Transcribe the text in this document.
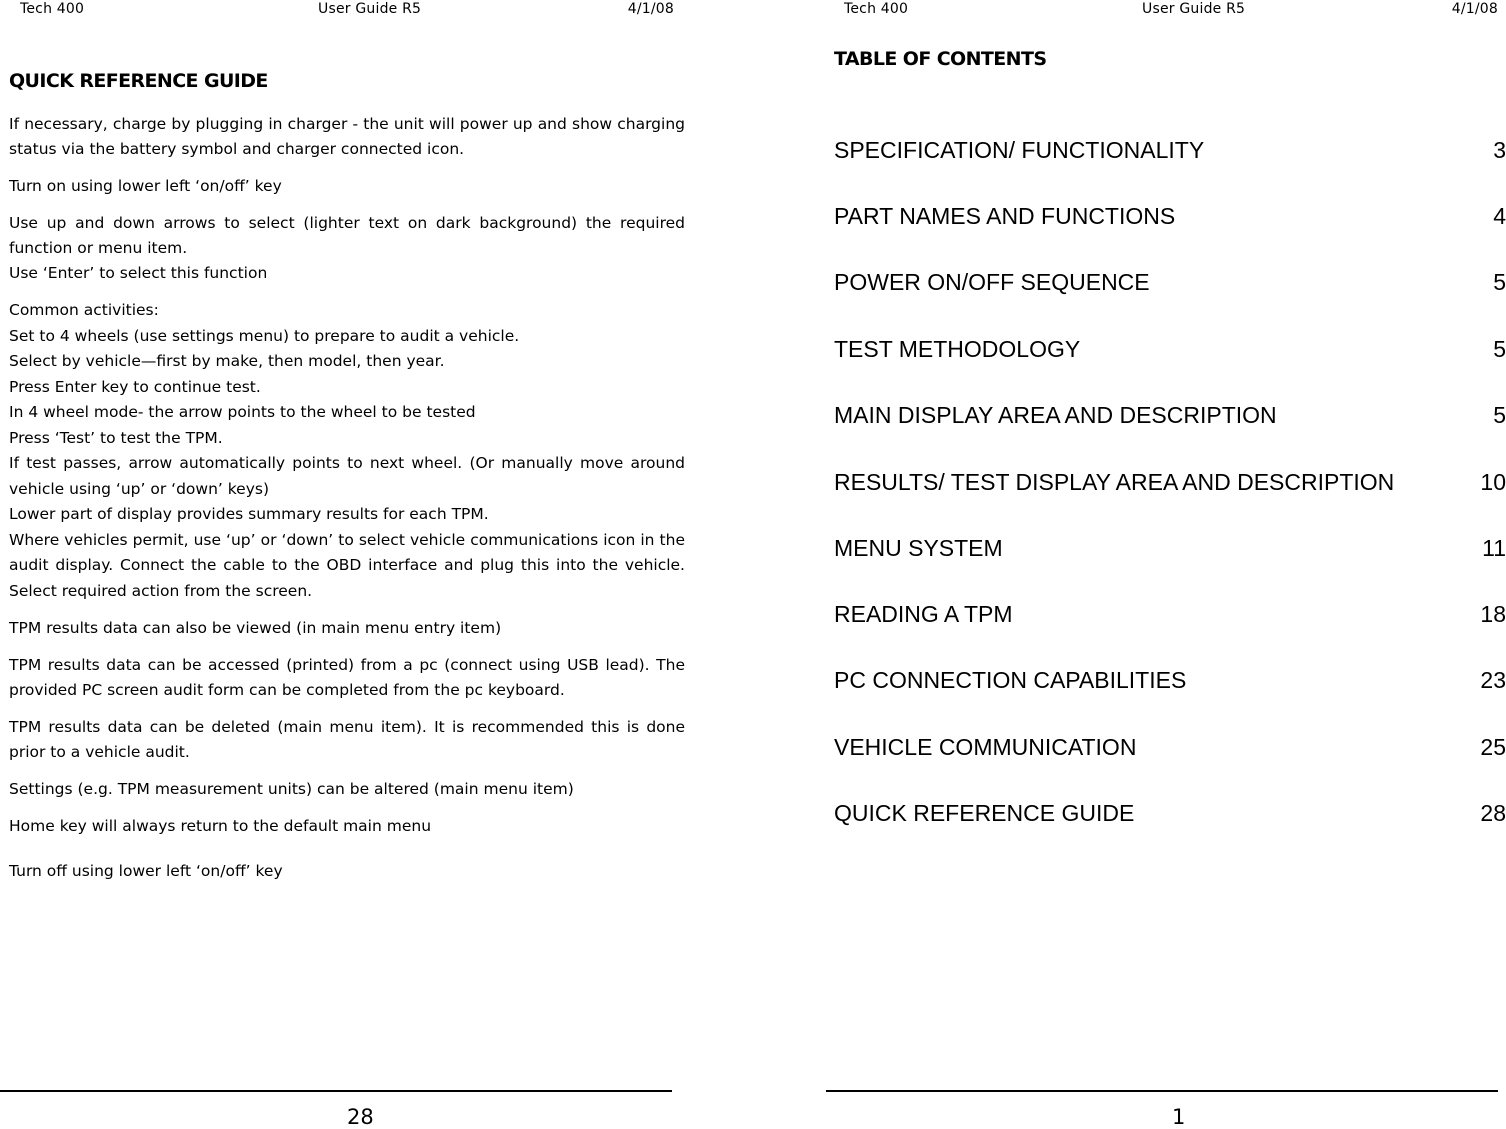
Tech 400	User Guide R5	4/1/08	Tech 400	User Guide R5	4/1/08
QUICK REFERENCE GUIDE

If necessary, charge by plugging in charger - the unit will power up and show charging status via the battery symbol and charger connected icon.

Turn on using lower left ‘on/off’ key

Use up and down arrows to select (lighter text on dark background) the required function or menu item.
Use ‘Enter’ to select this function
Common activities:
Set to 4 wheels (use settings menu) to prepare to audit a vehicle.
Select by vehicle—first by make, then model, then year.
Press Enter key to continue test.
In 4 wheel mode- the arrow points to the wheel to be tested
Press ‘Test’ to test the TPM.
If test passes, arrow automatically points to next wheel. (Or manually move around vehicle using ‘up’ or ‘down’ keys)
Lower part of display provides summary results for each TPM.
Where vehicles permit, use ‘up’ or ‘down’ to select vehicle communications icon in the audit display. Connect the cable to the OBD interface and plug this into the vehicle. Select required action from the screen.

TPM results data can also be viewed (in main menu entry item)

TPM results data can be accessed (printed) from a pc (connect using USB lead). The provided PC screen audit form can be completed from the pc keyboard.

TPM results data can be deleted (main menu item). It is recommended this is done prior to a vehicle audit.

Settings (e.g. TPM measurement units) can be altered (main menu item)

Home key will always return to the default main menu

Turn off using lower left ‘on/off’ key

TABLE OF CONTENTS
SPECIFICATION/ FUNCTIONALITY	3
PART NAMES AND FUNCTIONS	4
POWER ON/OFF SEQUENCE	5
TEST METHODOLOGY	5
MAIN DISPLAY AREA AND DESCRIPTION	5
RESULTS/ TEST DISPLAY AREA AND DESCRIPTION	10
MENU SYSTEM	11
READING A TPM	18
PC CONNECTION CAPABILITIES	23
VEHICLE COMMUNICATION	25
QUICK REFERENCE GUIDE	28
28	1
